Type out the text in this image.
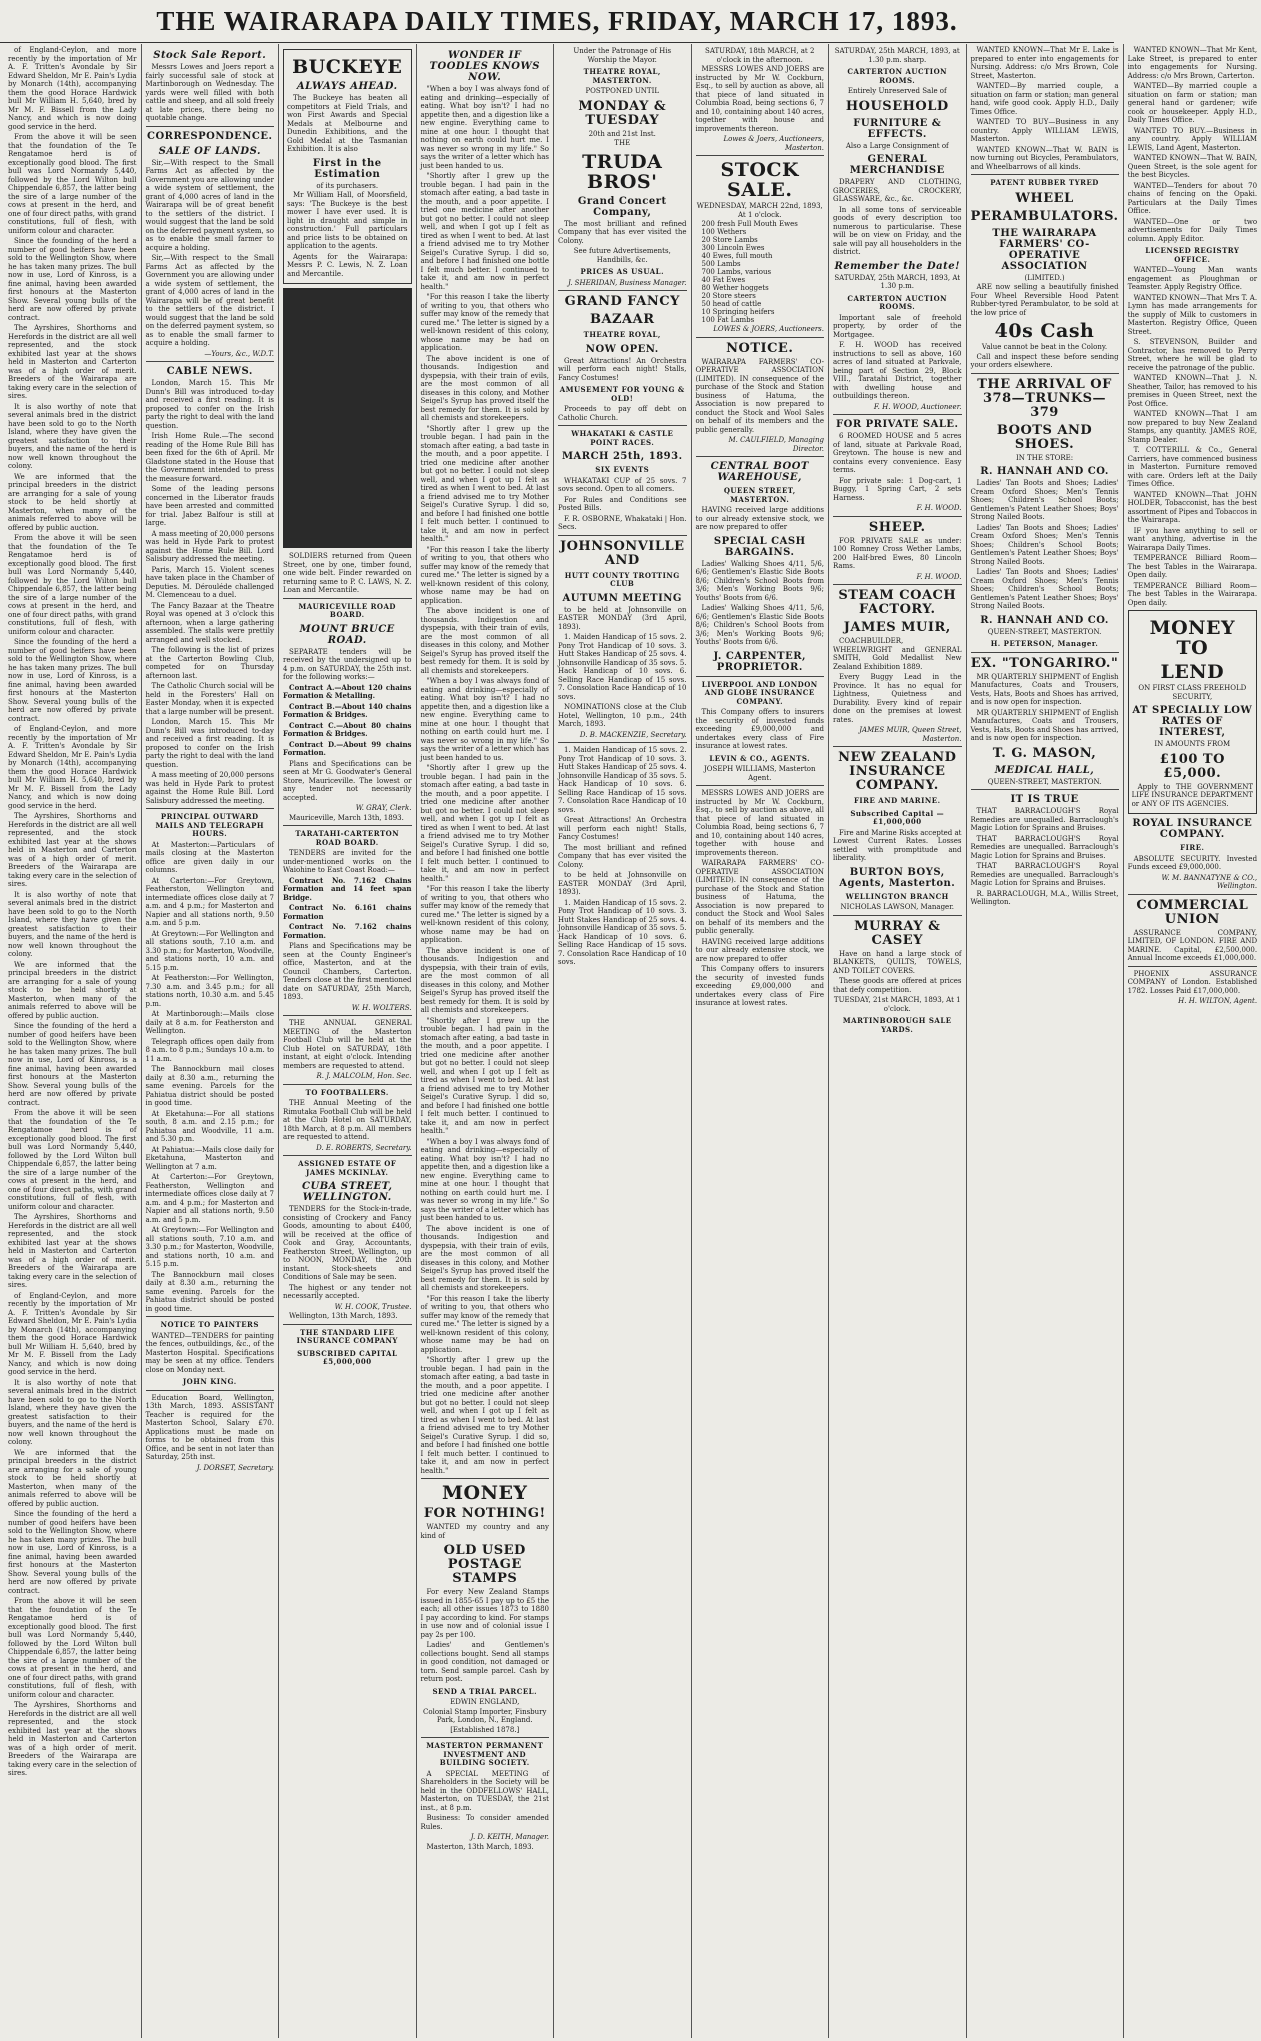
THE WAIRARAPA DAILY TIMES, FRIDAY, MARCH 17, 1893.

of England-Ceylon, and more recently by the importation of Mr A. F. Tritten's Avondale by Sir Edward Sheldon, Mr E. Pain's Lydia by Monarch (14th), accompanying them the good Horace Hardwick bull Mr William H. 5,640, bred by Mr M. F. Bissell from the Lady Nancy, and which is now doing good service in the herd.

From the above it will be seen that the foundation of the Te Rengatamoe herd is of exceptionally good blood. The first bull was Lord Normandy 5,440, followed by the Lord Wilton bull Chippendale 6,857, the latter being the sire of a large number of the cows at present in the herd, and one of four direct paths, with grand constitutions, full of flesh, with uniform colour and character.

Since the founding of the herd a number of good heifers have been sold to the Wellington Show, where he has taken many prizes. The bull now in use, Lord of Kinross, is a fine animal, having been awarded first honours at the Masterton Show. Several young bulls of the herd are now offered by private contract.

The Ayrshires, Shorthorns and Herefords in the district are all well represented, and the stock exhibited last year at the shows held in Masterton and Carterton was of a high order of merit. Breeders of the Wairarapa are taking every care in the selection of sires.

It is also worthy of note that several animals bred in the district have been sold to go to the North Island, where they have given the greatest satisfaction to their buyers, and the name of the herd is now well known throughout the colony.

We are informed that the principal breeders in the district are arranging for a sale of young stock to be held shortly at Masterton, when many of the animals referred to above will be offered by public auction.

From the above it will be seen that the foundation of the Te Rengatamoe herd is of exceptionally good blood. The first bull was Lord Normandy 5,440, followed by the Lord Wilton bull Chippendale 6,857, the latter being the sire of a large number of the cows at present in the herd, and one of four direct paths, with grand constitutions, full of flesh, with uniform colour and character.

Since the founding of the herd a number of good heifers have been sold to the Wellington Show, where he has taken many prizes. The bull now in use, Lord of Kinross, is a fine animal, having been awarded first honours at the Masterton Show. Several young bulls of the herd are now offered by private contract.

of England-Ceylon, and more recently by the importation of Mr A. F. Tritten's Avondale by Sir Edward Sheldon, Mr E. Pain's Lydia by Monarch (14th), accompanying them the good Horace Hardwick bull Mr William H. 5,640, bred by Mr M. F. Bissell from the Lady Nancy, and which is now doing good service in the herd.

The Ayrshires, Shorthorns and Herefords in the district are all well represented, and the stock exhibited last year at the shows held in Masterton and Carterton was of a high order of merit. Breeders of the Wairarapa are taking every care in the selection of sires.

It is also worthy of note that several animals bred in the district have been sold to go to the North Island, where they have given the greatest satisfaction to their buyers, and the name of the herd is now well known throughout the colony.

We are informed that the principal breeders in the district are arranging for a sale of young stock to be held shortly at Masterton, when many of the animals referred to above will be offered by public auction.

Since the founding of the herd a number of good heifers have been sold to the Wellington Show, where he has taken many prizes. The bull now in use, Lord of Kinross, is a fine animal, having been awarded first honours at the Masterton Show. Several young bulls of the herd are now offered by private contract.

From the above it will be seen that the foundation of the Te Rengatamoe herd is of exceptionally good blood. The first bull was Lord Normandy 5,440, followed by the Lord Wilton bull Chippendale 6,857, the latter being the sire of a large number of the cows at present in the herd, and one of four direct paths, with grand constitutions, full of flesh, with uniform colour and character.

The Ayrshires, Shorthorns and Herefords in the district are all well represented, and the stock exhibited last year at the shows held in Masterton and Carterton was of a high order of merit. Breeders of the Wairarapa are taking every care in the selection of sires.

of England-Ceylon, and more recently by the importation of Mr A. F. Tritten's Avondale by Sir Edward Sheldon, Mr E. Pain's Lydia by Monarch (14th), accompanying them the good Horace Hardwick bull Mr William H. 5,640, bred by Mr M. F. Bissell from the Lady Nancy, and which is now doing good service in the herd.

It is also worthy of note that several animals bred in the district have been sold to go to the North Island, where they have given the greatest satisfaction to their buyers, and the name of the herd is now well known throughout the colony.

We are informed that the principal breeders in the district are arranging for a sale of young stock to be held shortly at Masterton, when many of the animals referred to above will be offered by public auction.

Since the founding of the herd a number of good heifers have been sold to the Wellington Show, where he has taken many prizes. The bull now in use, Lord of Kinross, is a fine animal, having been awarded first honours at the Masterton Show. Several young bulls of the herd are now offered by private contract.

From the above it will be seen that the foundation of the Te Rengatamoe herd is of exceptionally good blood. The first bull was Lord Normandy 5,440, followed by the Lord Wilton bull Chippendale 6,857, the latter being the sire of a large number of the cows at present in the herd, and one of four direct paths, with grand constitutions, full of flesh, with uniform colour and character.

The Ayrshires, Shorthorns and Herefords in the district are all well represented, and the stock exhibited last year at the shows held in Masterton and Carterton was of a high order of merit. Breeders of the Wairarapa are taking every care in the selection of sires.

Stock Sale Report.

Messrs Lowes and Joers report a fairly successful sale of stock at Martinborough on Wednesday. The yards were well filled with both cattle and sheep, and all sold freely at late prices, there being no quotable change.

CORRESPONDENCE.
SALE OF LANDS.

Sir,—With respect to the Small Farms Act as affected by the Government you are allowing under a wide system of settlement, the grant of 4,000 acres of land in the Wairarapa will be of great benefit to the settlers of the district. I would suggest that the land be sold on the deferred payment system, so as to enable the small farmer to acquire a holding.

Sir,—With respect to the Small Farms Act as affected by the Government you are allowing under a wide system of settlement, the grant of 4,000 acres of land in the Wairarapa will be of great benefit to the settlers of the district. I would suggest that the land be sold on the deferred payment system, so as to enable the small farmer to acquire a holding.

—Yours, &c., W.D.T.
CABLE NEWS.

London, March 15. This Mr Dunn's Bill was introduced to-day and received a first reading. It is proposed to confer on the Irish party the right to deal with the land question.

Irish Home Rule.—The second reading of the Home Rule Bill has been fixed for the 6th of April. Mr Gladstone stated in the House that the Government intended to press the measure forward.

Some of the leading persons concerned in the Liberator frauds have been arrested and committed for trial. Jabez Balfour is still at large.

A mass meeting of 20,000 persons was held in Hyde Park to protest against the Home Rule Bill. Lord Salisbury addressed the meeting.

Paris, March 15. Violent scenes have taken place in the Chamber of Deputies. M. Dérouléde challenged M. Clemenceau to a duel.

The Fancy Bazaar at the Theatre Royal was opened at 3 o'clock this afternoon, when a large gathering assembled. The stalls were prettily arranged and well stocked.

The following is the list of prizes at the Carterton Bowling Club, competed for on Thursday afternoon last.

The Catholic Church social will be held in the Foresters' Hall on Easter Monday, when it is expected that a large number will be present.

London, March 15. This Mr Dunn's Bill was introduced to-day and received a first reading. It is proposed to confer on the Irish party the right to deal with the land question.

A mass meeting of 20,000 persons was held in Hyde Park to protest against the Home Rule Bill. Lord Salisbury addressed the meeting.

PRINCIPAL OUTWARD MAILS AND TELEGRAPH HOURS.

At Masterton:—Particulars of mails closing at the Masterton office are given daily in our columns.

At Carterton:—For Greytown, Featherston, Wellington and intermediate offices close daily at 7 a.m. and 4 p.m.; for Masterton and Napier and all stations north, 9.50 a.m. and 5 p.m.

At Greytown:—For Wellington and all stations south, 7.10 a.m. and 3.30 p.m.; for Masterton, Woodville, and stations north, 10 a.m. and 5.15 p.m.

At Featherston:—For Wellington, 7.30 a.m. and 3.45 p.m.; for all stations north, 10.30 a.m. and 5.45 p.m.

At Martinborough:—Mails close daily at 8 a.m. for Featherston and Wellington.

Telegraph offices open daily from 8 a.m. to 8 p.m.; Sundays 10 a.m. to 11 a.m.

The Bannockburn mail closes daily at 8.30 a.m., returning the same evening. Parcels for the Pahiatua district should be posted in good time.

At Eketahuna:—For all stations south, 8 a.m. and 2.15 p.m.; for Pahiatua and Woodville, 11 a.m. and 5.30 p.m.

At Pahiatua:—Mails close daily for Eketahuna, Masterton and Wellington at 7 a.m.

At Carterton:—For Greytown, Featherston, Wellington and intermediate offices close daily at 7 a.m. and 4 p.m.; for Masterton and Napier and all stations north, 9.50 a.m. and 5 p.m.

At Greytown:—For Wellington and all stations south, 7.10 a.m. and 3.30 p.m.; for Masterton, Woodville, and stations north, 10 a.m. and 5.15 p.m.

The Bannockburn mail closes daily at 8.30 a.m., returning the same evening. Parcels for the Pahiatua district should be posted in good time.

NOTICE TO PAINTERS

WANTED—TENDERS for painting the fences, outbuildings, &c., of the Masterton Hospital. Specifications may be seen at my office. Tenders close on Monday next.

JOHN KING.

Education Board, Wellington, 13th March, 1893. ASSISTANT Teacher is required for the Masterton School, Salary £70. Applications must be made on forms to be obtained from this Office, and be sent in not later than Saturday, 25th inst.

J. DORSET, Secretary.
BUCKEYE
ALWAYS AHEAD.

The Buckeye has beaten all competitors at Field Trials, and won First Awards and Special Medals at Melbourne and Dunedin Exhibitions, and the Gold Medal at the Tasmanian Exhibition. It is also

First in the Estimation
of its purchasers.

Mr William Hall, of Moorsfield, says: 'The Buckeye is the best mower I have ever used. It is light in draught and simple in construction.' Full particulars and price lists to be obtained on application to the agents.

Agents for the Wairarapa: Messrs P. C. Lewis, N. Z. Loan and Mercantile.

SOLDIERS returned from Queen Street, one by one, timber found, one wide belt. Finder rewarded on returning same to P. C. LAWS, N. Z. Loan and Mercantile.

MAURICEVILLE ROAD BOARD.
MOUNT BRUCE ROAD.

SEPARATE tenders will be received by the undersigned up to 4 p.m. on SATURDAY, the 25th inst. for the following works:—

Contract A.—About 120 chains Formation & Metalling.

Contract B.—About 140 chains Formation & Bridges.

Contract C.—About 80 chains Formation & Bridges.

Contract D.—About 99 chains Formation.

Plans and Specifications can be seen at Mr G. Goodwater's General Store, Mauriceville. The lowest or any tender not necessarily accepted.

W. GRAY, Clerk.

Mauriceville, March 13th, 1893.

TARATAHI-CARTERTON ROAD BOARD.

TENDERS are invited for the under-mentioned works on the Waiohine to East Coast Road:—

Contract No. 7.162 Chains Formation and 14 feet span Bridge.

Contract No. 6.161 chains Formation

Contract No. 7.162 chains Formation.

Plans and Specifications may be seen at the County Engineer's office, Masterton, and at the Council Chambers, Carterton. Tenders close at the first mentioned date on SATURDAY, 25th March, 1893.

W. H. WOLTERS.

THE ANNUAL GENERAL MEETING of the Masterton Football Club will be held at the Club Hotel on SATURDAY, 18th instant, at eight o'clock. Intending members are requested to attend.

R. J. MALCOLM, Hon. Sec.
TO FOOTBALLERS.

THE Annual Meeting of the Rimutaka Football Club will be held at the Club Hotel on SATURDAY, 18th March, at 8 p.m. All members are requested to attend.

D. E. ROBERTS, Secretary.
ASSIGNED ESTATE OF JAMES MCKINLAY.
CUBA STREET, WELLINGTON.

TENDERS for the Stock-in-trade, consisting of Crockery and Fancy Goods, amounting to about £400, will be received at the office of Cook and Gray, Accountants, Featherston Street, Wellington, up to NOON, MONDAY, the 20th instant. Stock-sheets and Conditions of Sale may be seen.

The highest or any tender not necessarily accepted.

W. H. COOK, Trustee.

Wellington, 13th March, 1893.

THE STANDARD LIFE INSURANCE COMPANY
SUBSCRIBED CAPITAL £5,000,000
WONDER IF TOODLES KNOWS NOW.

"When a boy I was always fond of eating and drinking—especially of eating. What boy isn't? I had no appetite then, and a digestion like a new engine. Everything came to mine at one hour. I thought that nothing on earth could hurt me. I was never so wrong in my life." So says the writer of a letter which has just been handed to us.

"Shortly after I grew up the trouble began. I had pain in the stomach after eating, a bad taste in the mouth, and a poor appetite. I tried one medicine after another but got no better. I could not sleep well, and when I got up I felt as tired as when I went to bed. At last a friend advised me to try Mother Seigel's Curative Syrup. I did so, and before I had finished one bottle I felt much better. I continued to take it, and am now in perfect health."

"For this reason I take the liberty of writing to you, that others who suffer may know of the remedy that cured me." The letter is signed by a well-known resident of this colony, whose name may be had on application.

The above incident is one of thousands. Indigestion and dyspepsia, with their train of evils, are the most common of all diseases in this colony, and Mother Seigel's Syrup has proved itself the best remedy for them. It is sold by all chemists and storekeepers.

"Shortly after I grew up the trouble began. I had pain in the stomach after eating, a bad taste in the mouth, and a poor appetite. I tried one medicine after another but got no better. I could not sleep well, and when I got up I felt as tired as when I went to bed. At last a friend advised me to try Mother Seigel's Curative Syrup. I did so, and before I had finished one bottle I felt much better. I continued to take it, and am now in perfect health."

"For this reason I take the liberty of writing to you, that others who suffer may know of the remedy that cured me." The letter is signed by a well-known resident of this colony, whose name may be had on application.

The above incident is one of thousands. Indigestion and dyspepsia, with their train of evils, are the most common of all diseases in this colony, and Mother Seigel's Syrup has proved itself the best remedy for them. It is sold by all chemists and storekeepers.

"When a boy I was always fond of eating and drinking—especially of eating. What boy isn't? I had no appetite then, and a digestion like a new engine. Everything came to mine at one hour. I thought that nothing on earth could hurt me. I was never so wrong in my life." So says the writer of a letter which has just been handed to us.

"Shortly after I grew up the trouble began. I had pain in the stomach after eating, a bad taste in the mouth, and a poor appetite. I tried one medicine after another but got no better. I could not sleep well, and when I got up I felt as tired as when I went to bed. At last a friend advised me to try Mother Seigel's Curative Syrup. I did so, and before I had finished one bottle I felt much better. I continued to take it, and am now in perfect health."

"For this reason I take the liberty of writing to you, that others who suffer may know of the remedy that cured me." The letter is signed by a well-known resident of this colony, whose name may be had on application.

The above incident is one of thousands. Indigestion and dyspepsia, with their train of evils, are the most common of all diseases in this colony, and Mother Seigel's Syrup has proved itself the best remedy for them. It is sold by all chemists and storekeepers.

"Shortly after I grew up the trouble began. I had pain in the stomach after eating, a bad taste in the mouth, and a poor appetite. I tried one medicine after another but got no better. I could not sleep well, and when I got up I felt as tired as when I went to bed. At last a friend advised me to try Mother Seigel's Curative Syrup. I did so, and before I had finished one bottle I felt much better. I continued to take it, and am now in perfect health."

"When a boy I was always fond of eating and drinking—especially of eating. What boy isn't? I had no appetite then, and a digestion like a new engine. Everything came to mine at one hour. I thought that nothing on earth could hurt me. I was never so wrong in my life." So says the writer of a letter which has just been handed to us.

The above incident is one of thousands. Indigestion and dyspepsia, with their train of evils, are the most common of all diseases in this colony, and Mother Seigel's Syrup has proved itself the best remedy for them. It is sold by all chemists and storekeepers.

"For this reason I take the liberty of writing to you, that others who suffer may know of the remedy that cured me." The letter is signed by a well-known resident of this colony, whose name may be had on application.

"Shortly after I grew up the trouble began. I had pain in the stomach after eating, a bad taste in the mouth, and a poor appetite. I tried one medicine after another but got no better. I could not sleep well, and when I got up I felt as tired as when I went to bed. At last a friend advised me to try Mother Seigel's Curative Syrup. I did so, and before I had finished one bottle I felt much better. I continued to take it, and am now in perfect health."

MONEY
FOR NOTHING!

WANTED my country and any kind of

OLD USED POSTAGE STAMPS

For every New Zealand Stamps issued in 1855-65 I pay up to £5 the each; all other issues 1873 to 1880 I pay according to kind. For stamps in use now and of colonial issue I pay 2s per 100.

Ladies' and Gentlemen's collections bought. Send all stamps in good condition, not damaged or torn. Send sample parcel. Cash by return post.

SEND A TRIAL PARCEL.
EDWIN ENGLAND,
Colonial Stamp Importer, Finsbury Park, London, N., England.
[Established 1878.]
MASTERTON PERMANENT INVESTMENT AND BUILDING SOCIETY.

A SPECIAL MEETING of Shareholders in the Society will be held in the ODDFELLOWS' HALL, Masterton, on TUESDAY, the 21st inst., at 8 p.m.

Business: To consider amended Rules.

J. D. KEITH, Manager.

Masterton, 13th March, 1893.

Under the Patronage of His Worship the Mayor.
THEATRE ROYAL, MASTERTON.
POSTPONED UNTIL
MONDAY & TUESDAY
20th and 21st Inst.
THE
TRUDA BROS'
Grand Concert Company,

The most brilliant and refined Company that has ever visited the Colony.

See future Advertisements, Handbills, &c.
PRICES AS USUAL.
J. SHERIDAN, Business Manager.
GRAND FANCY
BAZAAR
THEATRE ROYAL,
NOW OPEN.

Great Attractions! An Orchestra will perform each night! Stalls, Fancy Costumes!

AMUSEMENT FOR YOUNG & OLD!

Proceeds to pay off debt on Catholic Church.

WHAKATAKI & CASTLE POINT RACES.
MARCH 25th, 1893.
SIX EVENTS

WHAKATAKI CUP of 25 sovs. 7 sovs second. Open to all comers.

For Rules and Conditions see Posted Bills.

F. R. OSBORNE, Whakataki | Hon. Secs.

JOHNSONVILLE AND
HUTT COUNTY TROTTING CLUB
AUTUMN MEETING

to be held at Johnsonville on EASTER MONDAY (3rd April, 1893).

1. Maiden Handicap of 15 sovs. 2. Pony Trot Handicap of 10 sovs. 3. Hutt Stakes Handicap of 25 sovs. 4. Johnsonville Handicap of 35 sovs. 5. Hack Handicap of 10 sovs. 6. Selling Race Handicap of 15 sovs. 7. Consolation Race Handicap of 10 sovs.

NOMINATIONS close at the Club Hotel, Wellington, 10 p.m., 24th March, 1893.

D. B. MACKENZIE, Secretary.

1. Maiden Handicap of 15 sovs. 2. Pony Trot Handicap of 10 sovs. 3. Hutt Stakes Handicap of 25 sovs. 4. Johnsonville Handicap of 35 sovs. 5. Hack Handicap of 10 sovs. 6. Selling Race Handicap of 15 sovs. 7. Consolation Race Handicap of 10 sovs.

Great Attractions! An Orchestra will perform each night! Stalls, Fancy Costumes!

The most brilliant and refined Company that has ever visited the Colony.

to be held at Johnsonville on EASTER MONDAY (3rd April, 1893).

1. Maiden Handicap of 15 sovs. 2. Pony Trot Handicap of 10 sovs. 3. Hutt Stakes Handicap of 25 sovs. 4. Johnsonville Handicap of 35 sovs. 5. Hack Handicap of 10 sovs. 6. Selling Race Handicap of 15 sovs. 7. Consolation Race Handicap of 10 sovs.

SATURDAY, 18th MARCH, at 2 o'clock in the afternoon.

MESSRS LOWES AND JOERS are instructed by Mr W. Cockburn, Esq., to sell by auction as above, all that piece of land situated in Columbia Road, being sections 6, 7 and 10, containing about 140 acres, together with house and improvements thereon.

Lowes & Joers, Auctioneers, Masterton.
STOCK SALE.
WEDNESDAY, MARCH 22nd, 1893, At 1 o'clock.
200 fresh Full Mouth Ewes
100 Wethers
20 Store Lambs
300 Lincoln Ewes
40 Ewes, full mouth
500 Lambs
700 Lambs, various
40 Fat Ewes
80 Wether hoggets
20 Store steers
50 head of cattle
10 Springing heifers
100 Fat Lambs
LOWES & JOERS, Auctioneers.
NOTICE.

WAIRARAPA FARMERS' CO-OPERATIVE ASSOCIATION (LIMITED). IN consequence of the purchase of the Stock and Station business of Hatuma, the Association is now prepared to conduct the Stock and Wool Sales on behalf of its members and the public generally.

M. CAULFIELD, Managing Director.
CENTRAL BOOT WAREHOUSE,
QUEEN STREET, MASTERTON.

HAVING received large additions to our already extensive stock, we are now prepared to offer

SPECIAL CASH BARGAINS.

Ladies' Walking Shoes 4/11, 5/6, 6/6; Gentlemen's Elastic Side Boots 8/6; Children's School Boots from 3/6; Men's Working Boots 9/6; Youths' Boots from 6/6.

Ladies' Walking Shoes 4/11, 5/6, 6/6; Gentlemen's Elastic Side Boots 8/6; Children's School Boots from 3/6; Men's Working Boots 9/6; Youths' Boots from 6/6.

J. CARPENTER, PROPRIETOR.
LIVERPOOL AND LONDON AND GLOBE INSURANCE COMPANY.

This Company offers to insurers the security of invested funds exceeding £9,000,000 and undertakes every class of Fire insurance at lowest rates.

LEVIN & CO., AGENTS.
JOSEPH WILLIAMS, Masterton Agent.

MESSRS LOWES AND JOERS are instructed by Mr W. Cockburn, Esq., to sell by auction as above, all that piece of land situated in Columbia Road, being sections 6, 7 and 10, containing about 140 acres, together with house and improvements thereon.

WAIRARAPA FARMERS' CO-OPERATIVE ASSOCIATION (LIMITED). IN consequence of the purchase of the Stock and Station business of Hatuma, the Association is now prepared to conduct the Stock and Wool Sales on behalf of its members and the public generally.

HAVING received large additions to our already extensive stock, we are now prepared to offer

This Company offers to insurers the security of invested funds exceeding £9,000,000 and undertakes every class of Fire insurance at lowest rates.

SATURDAY, 25th MARCH, 1893, at 1.30 p.m. sharp.
CARTERTON AUCTION ROOMS.
Entirely Unreserved Sale of
HOUSEHOLD
FURNITURE & EFFECTS.
Also a Large Consignment of
GENERAL MERCHANDISE

DRAPERY AND CLOTHING, GROCERIES, CROCKERY, GLASSWARE, &c., &c.

In all some tons of serviceable goods of every description too numerous to particularise. These will be on view on Friday, and the sale will pay all householders in the district.

Remember the Date!
SATURDAY, 25th MARCH, 1893, At 1.30 p.m.
CARTERTON AUCTION ROOMS.

Important sale of freehold property, by order of the Mortgagee.

F. H. WOOD has received instructions to sell as above, 160 acres of land situated at Parkvale, being part of Section 29, Block VIII., Taratahi District, together with dwelling house and outbuildings thereon.

F. H. WOOD, Auctioneer.
FOR PRIVATE SALE.

6 ROOMED HOUSE and 5 acres of land, situate at Parkvale Road, Greytown. The house is new and contains every convenience. Easy terms.

For private sale: 1 Dog-cart, 1 Buggy, 1 Spring Cart, 2 sets Harness.

F. H. WOOD.
SHEEP.

FOR PRIVATE SALE as under: 100 Romney Cross Wether Lambs, 200 Half-bred Ewes, 80 Lincoln Rams.

F. H. WOOD.
STEAM COACH FACTORY.
JAMES MUIR,

COACHBUILDER, WHEELWRIGHT and GENERAL SMITH, Gold Medallist New Zealand Exhibition 1889.

Every Buggy Lead in the Province. It has no equal for Lightness, Quietness and Durability. Every kind of repair done on the premises at lowest rates.

JAMES MUIR, Queen Street, Masterton.
NEW ZEALAND INSURANCE COMPANY.
FIRE AND MARINE.
Subscribed Capital — £1,000,000

Fire and Marine Risks accepted at Lowest Current Rates. Losses settled with promptitude and liberality.

BURTON BOYS, Agents, Masterton.
WELLINGTON BRANCH
NICHOLAS LAWSON, Manager.
MURRAY & CASEY

Have on hand a large stock of BLANKETS, QUILTS, TOWELS, AND TOILET COVERS.

These goods are offered at prices that defy competition.

TUESDAY, 21st MARCH, 1893, At 1 o'clock.
MARTINBOROUGH SALE YARDS.

WANTED KNOWN—That Mr E. Lake is prepared to enter into engagements for Nursing. Address: c/o Mrs Brown, Cole Street, Masterton.

WANTED—By married couple, a situation on farm or station; man general hand, wife good cook. Apply H.D., Daily Times Office.

WANTED TO BUY—Business in any country. Apply WILLIAM LEWIS, Masterton.

WANTED KNOWN—That W. BAIN is now turning out Bicycles, Perambulators, and Wheelbarrows of all kinds.

PATENT RUBBER TYRED
WHEEL
PERAMBULATORS.
THE WAIRARAPA FARMERS' CO-OPERATIVE ASSOCIATION
(LIMITED.)

ARE now selling a beautifully finished Four Wheel Reversible Hood Patent Rubber-tyred Perambulator, to be sold at the low price of

40s Cash
Value cannot be beat in the Colony.

Call and inspect these before sending your orders elsewhere.

THE ARRIVAL OF 378—TRUNKS—379
BOOTS AND SHOES.
IN THE STORE:
R. HANNAH AND CO.

Ladies' Tan Boots and Shoes; Ladies' Cream Oxford Shoes; Men's Tennis Shoes; Children's School Boots; Gentlemen's Patent Leather Shoes; Boys' Strong Nailed Boots.

Ladies' Tan Boots and Shoes; Ladies' Cream Oxford Shoes; Men's Tennis Shoes; Children's School Boots; Gentlemen's Patent Leather Shoes; Boys' Strong Nailed Boots.

Ladies' Tan Boots and Shoes; Ladies' Cream Oxford Shoes; Men's Tennis Shoes; Children's School Boots; Gentlemen's Patent Leather Shoes; Boys' Strong Nailed Boots.

R. HANNAH AND CO.
QUEEN-STREET, MASTERTON.
H. PETERSON, Manager.
EX. "TONGARIRO."

MR QUARTERLY SHIPMENT of English Manufactures, Coats and Trousers, Vests, Hats, Boots and Shoes has arrived, and is now open for inspection.

MR QUARTERLY SHIPMENT of English Manufactures, Coats and Trousers, Vests, Hats, Boots and Shoes has arrived, and is now open for inspection.

T. G. MASON,
MEDICAL HALL,
QUEEN-STREET, MASTERTON.
IT IS TRUE

THAT BARRACLOUGH'S Royal Remedies are unequalled. Barraclough's Magic Lotion for Sprains and Bruises.

THAT BARRACLOUGH'S Royal Remedies are unequalled. Barraclough's Magic Lotion for Sprains and Bruises.

THAT BARRACLOUGH'S Royal Remedies are unequalled. Barraclough's Magic Lotion for Sprains and Bruises.

R. BARRACLOUGH, M.A., Willis Street, Wellington.

WANTED KNOWN—That Mr Kent, Lake Street, is prepared to enter into engagements for Nursing. Address: c/o Mrs Brown, Carterton.

WANTED—By married couple a situation on farm or station; man general hand or gardener; wife cook or housekeeper. Apply H.D., Daily Times Office.

WANTED TO BUY.—Business in any country. Apply WILLIAM LEWIS, Land Agent, Masterton.

WANTED KNOWN—That W. BAIN, Queen Street, is the sole agent for the best Bicycles.

WANTED—Tenders for about 70 chains of fencing on the Opaki. Particulars at the Daily Times Office.

WANTED—One or two advertisements for Daily Times column. Apply Editor.

LICENSED REGISTRY OFFICE.

WANTED—Young Man wants engagement as Ploughman or Teamster. Apply Registry Office.

WANTED KNOWN—That Mrs T. A. Lymn has made arrangements for the supply of Milk to customers in Masterton. Registry Office, Queen Street.

S. STEVENSON, Builder and Contractor, has removed to Perry Street, where he will be glad to receive the patronage of the public.

WANTED KNOWN—That J. N. Sheather, Tailor, has removed to his premises in Queen Street, next the Post Office.

WANTED KNOWN—That I am now prepared to buy New Zealand Stamps, any quantity. JAMES ROE, Stamp Dealer.

T. COTTERILL & Co., General Carriers, have commenced business in Masterton. Furniture removed with care. Orders left at the Daily Times Office.

WANTED KNOWN—That JOHN HOLDER, Tobacconist, has the best assortment of Pipes and Tobaccos in the Wairarapa.

IF you have anything to sell or want anything, advertise in the Wairarapa Daily Times.

TEMPERANCE Billiard Room—The best Tables in the Wairarapa. Open daily.

TEMPERANCE Billiard Room—The best Tables in the Wairarapa. Open daily.

MONEY TO
LEND
ON FIRST CLASS FREEHOLD SECURITY,
AT SPECIALLY LOW RATES OF INTEREST,
IN AMOUNTS FROM
£100 TO £5,000.

Apply to THE GOVERNMENT LIFE INSURANCE DEPARTMENT or ANY OF ITS AGENCIES.

ROYAL INSURANCE COMPANY.
FIRE.

ABSOLUTE SECURITY. Invested Funds exceed £9,000,000.

W. M. BANNATYNE & CO., Wellington.
COMMERCIAL UNION

ASSURANCE COMPANY, LIMITED, OF LONDON. FIRE AND MARINE. Capital, £2,500,000. Annual Income exceeds £1,000,000.

PHOENIX ASSURANCE COMPANY of London. Established 1782. Losses Paid £17,000,000.

H. H. WILTON, Agent.
